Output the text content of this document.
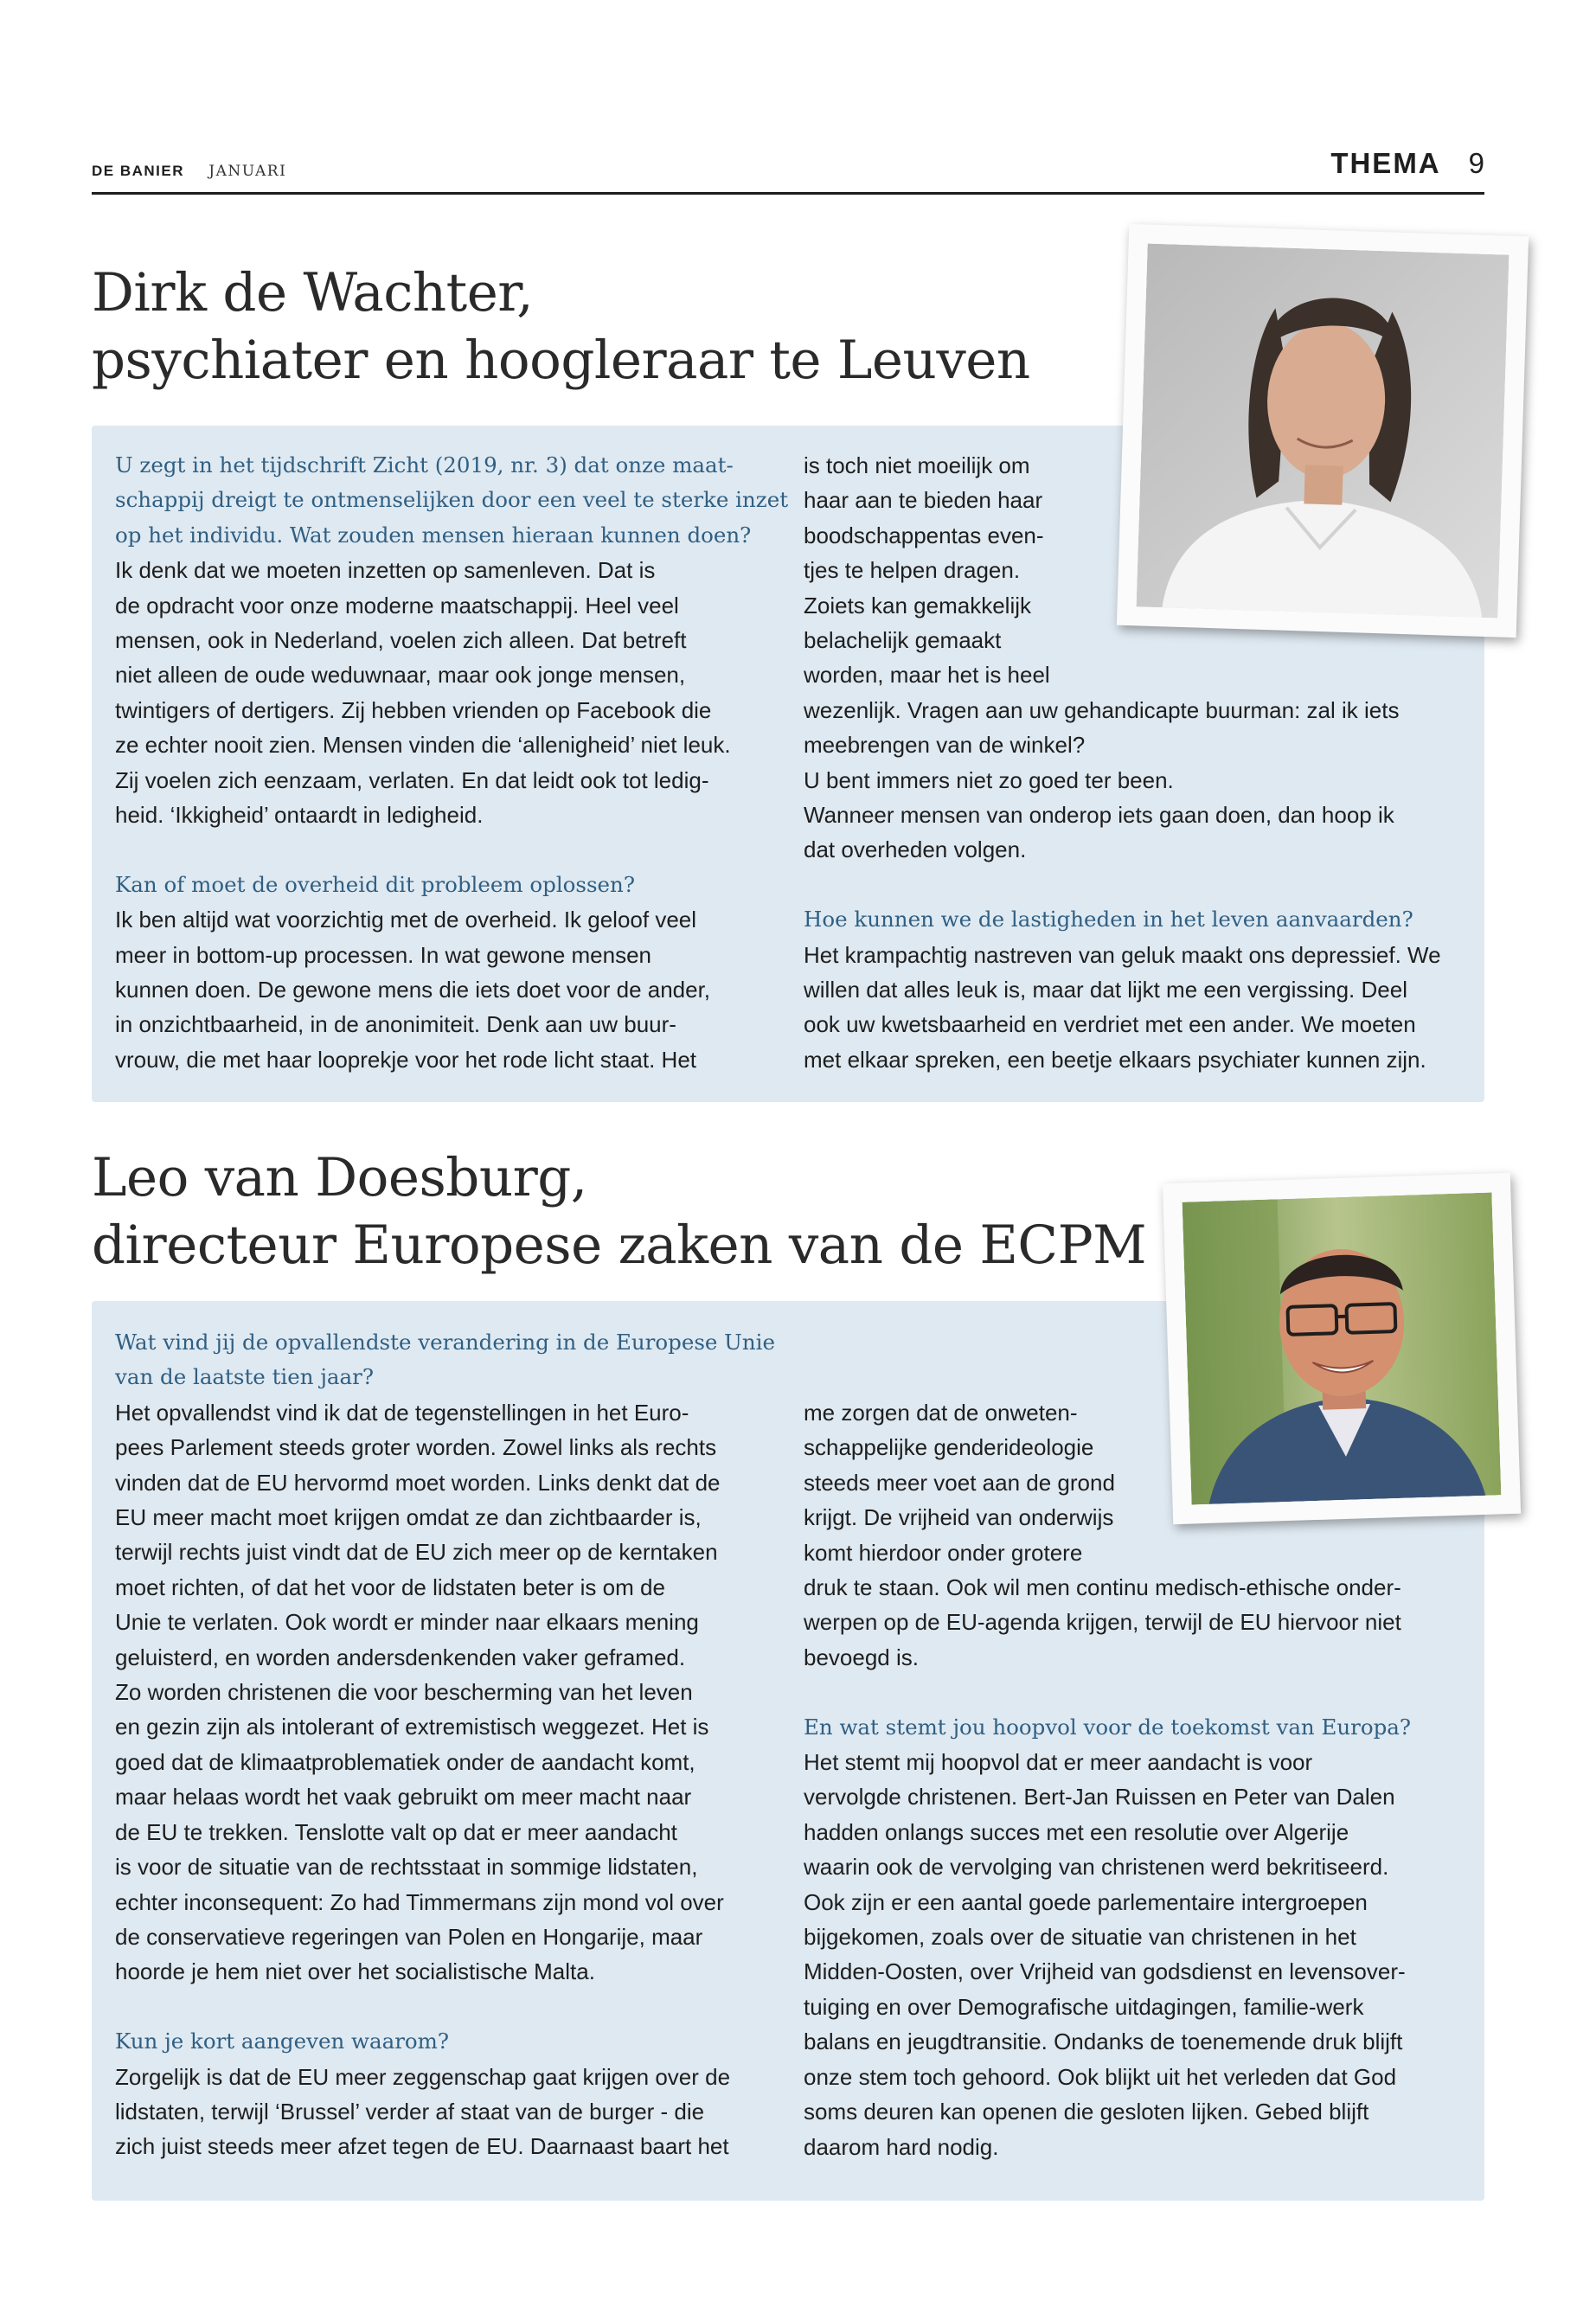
DE BANIER JANUARI	THEMA 9
Dirk de Wachter,
psychiater en hoogleraar te Leuven
U zegt in het tijdschrift Zicht (2019, nr. 3) dat onze maat-
schappij dreigt te ontmenselijken door een veel te sterke inzet
op het individu. Wat zouden mensen hieraan kunnen doen?
Ik denk dat we moeten inzetten op samenleven. Dat is
de opdracht voor onze moderne maatschappij. Heel veel
mensen, ook in Nederland, voelen zich alleen. Dat betreft
niet alleen de oude weduwnaar, maar ook jonge mensen,
twintigers of dertigers. Zij hebben vrienden op Facebook die
ze echter nooit zien. Mensen vinden die ‘allenigheid’ niet leuk.
Zij voelen zich eenzaam, verlaten. En dat leidt ook tot ledig-
heid. ‘Ikkigheid’ ontaardt in ledigheid.
Kan of moet de overheid dit probleem oplossen?
Ik ben altijd wat voorzichtig met de overheid. Ik geloof veel
meer in bottom-up processen. In wat gewone mensen
kunnen doen. De gewone mens die iets doet voor de ander,
in onzichtbaarheid, in de anonimiteit. Denk aan uw buur-
vrouw, die met haar looprekje voor het rode licht staat. Het
is toch niet moeilijk om
haar aan te bieden haar
boodschappentas even-
tjes te helpen dragen.
Zoiets kan gemakkelijk
belachelijk gemaakt
worden, maar het is heel
wezenlijk. Vragen aan uw gehandicapte buurman: zal ik iets
meebrengen van de winkel?
U bent immers niet zo goed ter been.
Wanneer mensen van onderop iets gaan doen, dan hoop ik
dat overheden volgen.
Hoe kunnen we de lastigheden in het leven aanvaarden?
Het krampachtig nastreven van geluk maakt ons depressief. We
willen dat alles leuk is, maar dat lijkt me een vergissing. Deel
ook uw kwetsbaarheid en verdriet met een ander. We moeten
met elkaar spreken, een beetje elkaars psychiater kunnen zijn.
Leo van Doesburg,
directeur Europese zaken van de ECPM
Wat vind jij de opvallendste verandering in de Europese Unie
van de laatste tien jaar?
Het opvallendst vind ik dat de tegenstellingen in het Euro-
pees Parlement steeds groter worden. Zowel links als rechts
vinden dat de EU hervormd moet worden. Links denkt dat de
EU meer macht moet krijgen omdat ze dan zichtbaarder is,
terwijl rechts juist vindt dat de EU zich meer op de kerntaken
moet richten, of dat het voor de lidstaten beter is om de
Unie te verlaten. Ook wordt er minder naar elkaars mening
geluisterd, en worden andersdenkenden vaker geframed.
Zo worden christenen die voor bescherming van het leven
en gezin zijn als intolerant of extremistisch weggezet. Het is
goed dat de klimaatproblematiek onder de aandacht komt,
maar helaas wordt het vaak gebruikt om meer macht naar
de EU te trekken. Tenslotte valt op dat er meer aandacht
is voor de situatie van de rechtsstaat in sommige lidstaten,
echter inconsequent: Zo had Timmermans zijn mond vol over
de conservatieve regeringen van Polen en Hongarije, maar
hoorde je hem niet over het socialistische Malta.
Kun je kort aangeven waarom?
Zorgelijk is dat de EU meer zeggenschap gaat krijgen over de
lidstaten, terwijl ‘Brussel’ verder af staat van de burger - die
zich juist steeds meer afzet tegen de EU. Daarnaast baart het
me zorgen dat de onweten-
schappelijke genderideologie
steeds meer voet aan de grond
krijgt. De vrijheid van onderwijs
komt hierdoor onder grotere
druk te staan. Ook wil men continu medisch-ethische onder-
werpen op de EU-agenda krijgen, terwijl de EU hiervoor niet
bevoegd is.
En wat stemt jou hoopvol voor de toekomst van Europa?
Het stemt mij hoopvol dat er meer aandacht is voor
vervolgde christenen. Bert-Jan Ruissen en Peter van Dalen
hadden onlangs succes met een resolutie over Algerije
waarin ook de vervolging van christenen werd bekritiseerd.
Ook zijn er een aantal goede parlementaire intergroepen
bijgekomen, zoals over de situatie van christenen in het
Midden-Oosten, over Vrijheid van godsdienst en levensover-
tuiging en over Demografische uitdagingen, familie-werk
balans en jeugdtransitie. Ondanks de toenemende druk blijft
onze stem toch gehoord. Ook blijkt uit het verleden dat God
soms deuren kan openen die gesloten lijken. Gebed blijft
daarom hard nodig.
